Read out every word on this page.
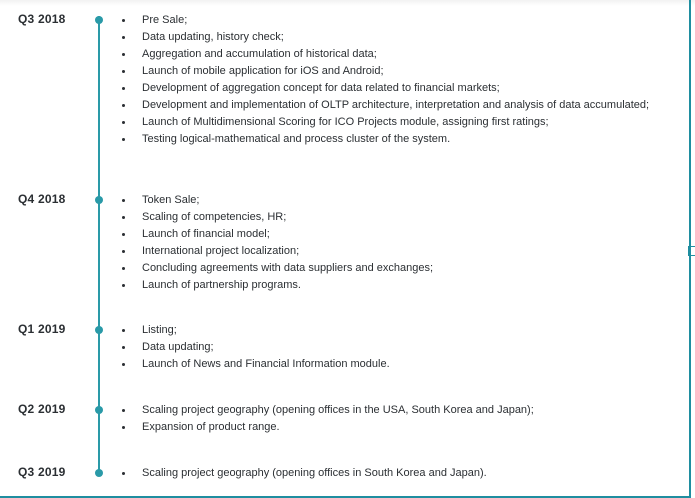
Q3 2018	Pre Sale;
Data updating, history check;
Aggregation and accumulation of historical data;
Launch of mobile application for iOS and Android;
Development of aggregation concept for data related to financial markets;
Development and implementation of OLTP architecture, interpretation and analysis of data accumulated;
Launch of Multidimensional Scoring for ICO Projects module, assigning first ratings;
Testing logical-mathematical and process cluster of the system.
Q4 2018	Token Sale;
Scaling of competencies, HR;
Launch of financial model;
International project localization;
Concluding agreements with data suppliers and exchanges;
Launch of partnership programs.
Q1 2019	Listing;
Data updating;
Launch of News and Financial Information module.
Q2 2019	Scaling project geography (opening offices in the USA, South Korea and Japan);
Expansion of product range.
Q3 2019	Scaling project geography (opening offices in South Korea and Japan).
